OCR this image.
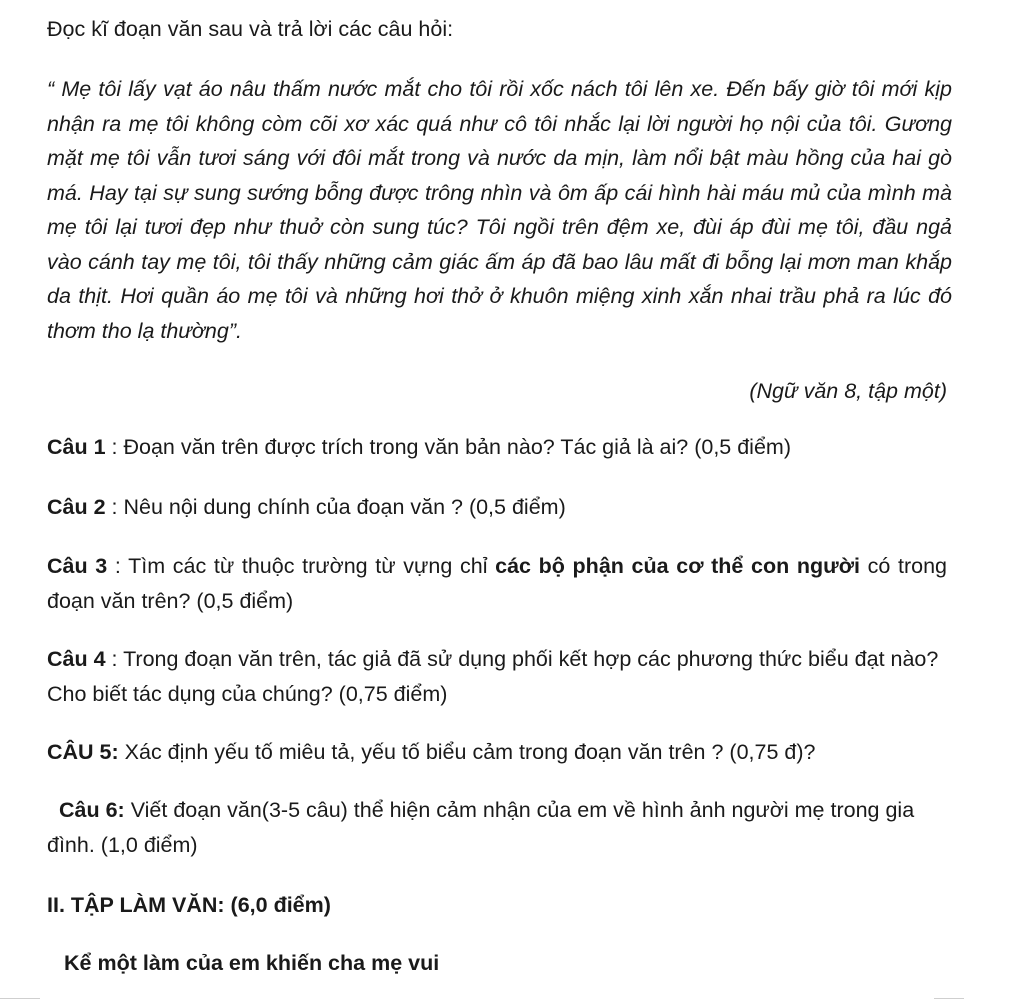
Đọc kĩ đoạn văn sau và trả lời các câu hỏi:

“ Mẹ tôi lấy vạt áo nâu thấm nước mắt cho tôi rồi xốc nách tôi lên xe. Đến bấy giờ tôi mới kịp nhận ra mẹ tôi không còm cõi xơ xác quá như cô tôi nhắc lại lời người họ nội của tôi. Gương mặt mẹ tôi vẫn tươi sáng với đôi mắt trong và nước da mịn, làm nổi bật màu hồng của hai gò má. Hay tại sự sung sướng bỗng được trông nhìn và ôm ấp cái hình hài máu mủ của mình mà mẹ tôi lại tươi đẹp như thuở còn sung túc? Tôi ngồi trên đệm xe, đùi áp đùi mẹ tôi, đầu ngả vào cánh tay mẹ tôi, tôi thấy những cảm giác ấm áp đã bao lâu mất đi bỗng lại mơn man khắp da thịt. Hơi quần áo mẹ tôi và những hơi thở ở khuôn miệng xinh xắn nhai trầu phả ra lúc đó thơm tho lạ thường”.

(Ngữ văn 8, tập một)

Câu 1 : Đoạn văn trên được trích trong văn bản nào? Tác giả là ai? (0,5 điểm)

Câu 2 : Nêu nội dung chính của đoạn văn ? (0,5 điểm)

Câu 3 : Tìm các từ thuộc trường từ vựng chỉ các bộ phận của cơ thể con người có trong đoạn văn trên? (0,5 điểm)

Câu 4 : Trong đoạn văn trên, tác giả đã sử dụng phối kết hợp các phương thức biểu đạt nào? Cho biết tác dụng của chúng? (0,75 điểm)

CÂU 5: Xác định yếu tố miêu tả, yếu tố biểu cảm trong đoạn văn trên ? (0,75 đ)?

Câu 6: Viết đoạn văn(3-5 câu) thể hiện cảm nhận của em về hình ảnh người mẹ trong gia đình. (1,0 điểm)

II. TẬP LÀM VĂN: (6,0 điểm)

Kể một làm của em khiến cha mẹ vui
